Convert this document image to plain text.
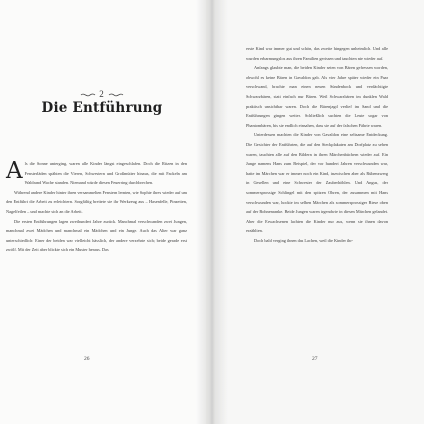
2
Die Entführung

Als die Sonne unterging, waren alle Kinder längst eingeschlafen. Doch die Ritzen in den Fensterläden spähten die Vieren, Schwestern und Großmütter hinaus, die mit Fackeln am Waldrand Wache standen. Niemand würde diesen Feuerring durchbrechen.

Während andere Kinder hinter ihren versammelten Fenstern lernten, wie Sophie ihres wieder auf um den Entführt die Arbeit zu erleichtern. Sorgfältig breitete sie ihr Werkzeug aus – Hasenfelle, Pinzetten, Nagelfeilen – und machte sich an die Arbeit.

Die ersten Entführungen lagen zweihundert Jahre zurück. Manchmal verschwanden zwei Jungen, manchmal zwei Mädchen und manchmal ein Mädchen und ein Junge. Auch das Alter war ganz unterschiedlich: Einer der beiden war vielleicht hässlich, der andere verzehrte sich; beide gerade erst zwölf. Mit der Zeit aber blickte sich ein Muster heraus. Das

26

erste Kind war immer gut und schön, das zweite hingegen unheimlich. Und alle wurden erbarmungslos aus ihren Familien gerissen und tauchten nie wieder auf.

Anfangs glaubte man, die beiden Kinder seien von Bären gefressen worden, obwohl es keine Bären in Gavaldon gab. Als vier Jahre später wieder ein Paar verschwand, brachte man einen neuen Sündenbock und verdächtigte Schwarzbären, statt einfach nur Bären. Weil Schwarzbären im dunklen Wald praktisch unsichtbar waren. Doch die Bärenjagd verlief im Sand und die Entführungen gingen weiter. Schließlich suchten die Leute sogar von Phantombären, bis sie endlich einsahen, dass sie auf der falschen Fährte waren.

Unterdessen machten die Kinder von Gavaldon eine seltsame Entdeckung. Die Gesichter der Entführten, die auf den Steckplakaten am Dorfplatz zu sehen waren, tauchten alle auf den Bildern in ihren Märchenbüchern wieder auf. Ein Junge namens Hans zum Beispiel, der vor hundert Jahren verschwunden war, hatte im Märchen war er immer noch ein Kind, inzwischen aber als Rübenzwerg in Gesellen und eine Schwester der Zauberhöhlen. Und Angus, der sommersprossige Schlingel mit den spitzen Ohren, der zusammen mit Hans verschwunden war, hockte im selben Märchen als sommersprossiger Riese oben auf der Bohnenranke. Beide Jungen waren irgendwie in diesen Märchen gelandet. Aber die Erwachsenen lachten die Kinder nur aus, wenn sie ihnen davon erzählten.

Doch bald verging ihnen das Lachen, weil die Kinder ihr-

27
